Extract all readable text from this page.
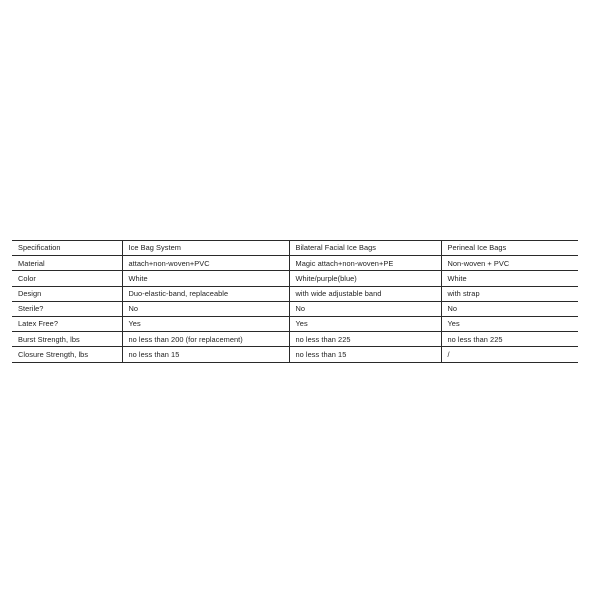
Specification	Ice Bag System	Bilateral Facial Ice Bags	Perineal Ice Bags
Material	attach+non-woven+PVC	Magic attach+non-woven+PE	Non-woven + PVC
Color	White	White/purple(blue)	White
Design	Duo-elastic-band, replaceable	with wide adjustable band	with strap
Sterile?	No	No	No
Latex Free?	Yes	Yes	Yes
Burst Strength, lbs	no less than 200 (for replacement)	no less than 225	no less than 225
Closure Strength, lbs	no less than 15	no less than 15	/
